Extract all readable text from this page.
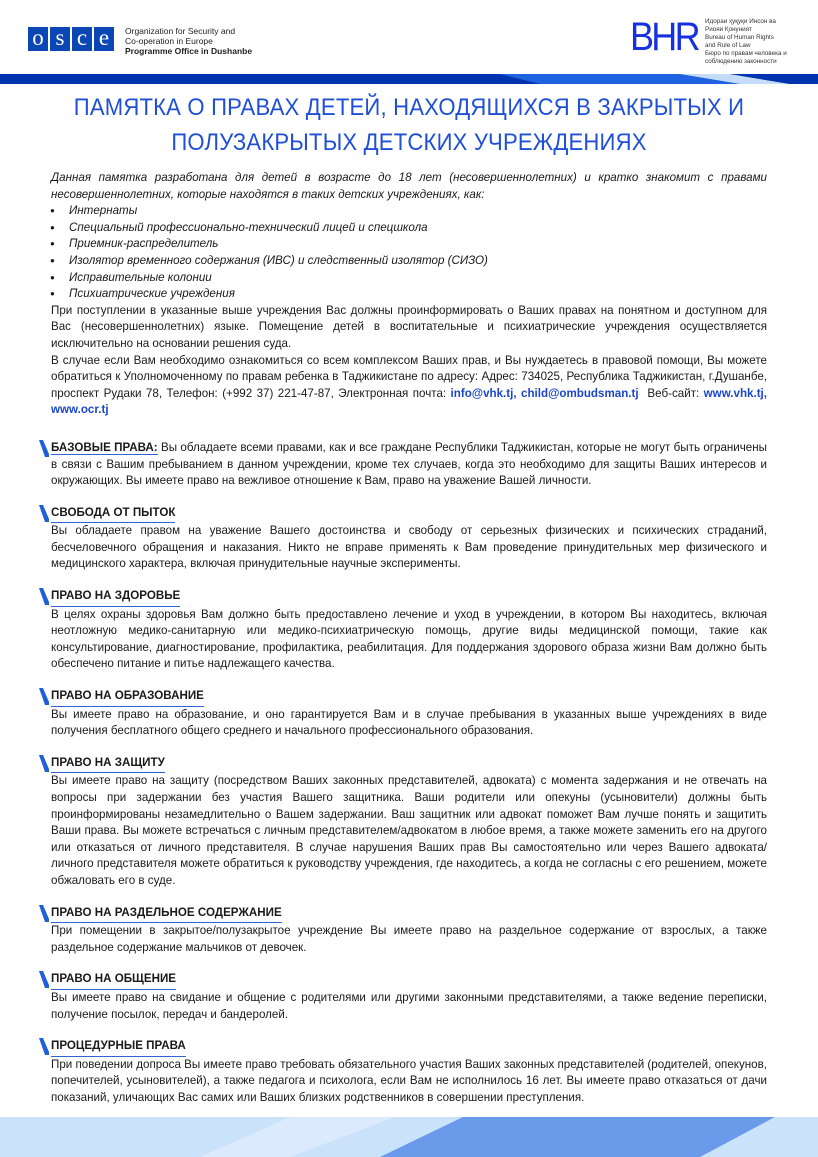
o s c e	Organization for Security and
Co-operation in Europe
Programme Office in Dushanbe	BHR Идораи ҳуқуқи Инсон ва
Риояи Қонуният
Bureau of Human Rights
and Rule of Law
Бюро по правам человека и
соблюдению законности
ПАМЯТКА О ПРАВАХ ДЕТЕЙ, НАХОДЯЩИХСЯ В ЗАКРЫТЫХ И
ПОЛУЗАКРЫТЫХ ДЕТСКИХ УЧРЕЖДЕНИЯХ

Данная памятка разработана для детей в возрасте до 18 лет (несовершеннолетних) и кратко знакомит с правами несовершеннолетних, которые находятся в таких детских учреждениях, как:

● Интернаты
● Специальный профессионально-технический лицей и спецшкола
● Приемник-распределитель
● Изолятор временного содержания (ИВС) и следственный изолятор (СИЗО)
● Исправительные колонии
● Психиатрические учреждения

При поступлении в указанные выше учреждения Вас должны проинформировать о Ваших правах на понятном и доступном для Вас (несовершеннолетних) языке. Помещение детей в воспитательные и психиатрические учреждения осуществляется исключительно на основании решения суда.

В случае если Вам необходимо ознакомиться со всем комплексом Ваших прав, и Вы нуждаетесь в правовой помощи, Вы можете обратиться к Уполномоченному по правам ребенка в Таджикистане по адресу: Адрес: 734025, Республика Таджикистан, г.Душанбе, проспект Рудаки 78, Телефон: (+992 37) 221-47-87, Электронная почта: info@vhk.tj, child@ombudsman.tj  Веб-сайт: www.vhk.tj, www.ocr.tj

БАЗОВЫЕ ПРАВА: Вы обладаете всеми правами, как и все граждане Республики Таджикистан, которые не могут быть ограничены в связи с Вашим пребыванием в данном учреждении, кроме тех случаев, когда это необходимо для защиты Ваших интересов и окружающих. Вы имеете право на вежливое отношение к Вам, право на уважение Вашей личности.

СВОБОДА ОТ ПЫТОК

Вы обладаете правом на уважение Вашего достоинства и свободу от серьезных физических и психических страданий, бесчеловечного обращения и наказания. Никто не вправе применять к Вам проведение принудительных мер физического и медицинского характера, включая принудительные научные эксперименты.

ПРАВО НА ЗДОРОВЬЕ

В целях охраны здоровья Вам должно быть предоставлено лечение и уход в учреждении, в котором Вы находитесь, включая неотложную медико-санитарную или медико-психиатрическую помощь, другие виды медицинской помощи, такие как консультирование, диагностирование, профилактика, реабилитация. Для поддержания здорового образа жизни Вам должно быть обеспечено питание и питье надлежащего качества.

ПРАВО НА ОБРАЗОВАНИЕ

Вы имеете право на образование, и оно гарантируется Вам и в случае пребывания в указанных выше учреждениях в виде получения бесплатного общего среднего и начального профессионального образования.

ПРАВО НА ЗАЩИТУ

Вы имеете право на защиту (посредством Ваших законных представителей, адвоката) с момента задержания и не отвечать на вопросы при задержании без участия Вашего защитника. Ваши родители или опекуны (усыновители) должны быть проинформированы незамедлительно о Вашем задержании. Ваш защитник или адвокат поможет Вам лучше понять и защитить Ваши права. Вы можете встречаться с личным представителем/адвокатом в любое время, а также можете заменить его на другого или отказаться от личного представителя. В случае нарушения Ваших прав Вы самостоятельно или через Вашего адвоката/личного представителя можете обратиться к руководству учреждения, где находитесь, а когда не согласны с его решением, можете обжаловать его в суде.

ПРАВО НА РАЗДЕЛЬНОЕ СОДЕРЖАНИЕ

При помещении в закрытое/полузакрытое учреждение Вы имеете право на раздельное содержание от взрослых, а также раздельное содержание мальчиков от девочек.

ПРАВО НА ОБЩЕНИЕ

Вы имеете право на свидание и общение с родителями или другими законными представителями, а также ведение переписки, получение посылок, передач и бандеролей.

ПРОЦЕДУРНЫЕ ПРАВА

При поведении допроса Вы имеете право требовать обязательного участия Ваших законных представителей (родителей, опекунов, попечителей, усыновителей), а также педагога и психолога, если Вам не исполнилось 16 лет. Вы имеете право отказаться от дачи показаний, уличающих Вас самих или Ваших близких родственников в совершении преступления.
